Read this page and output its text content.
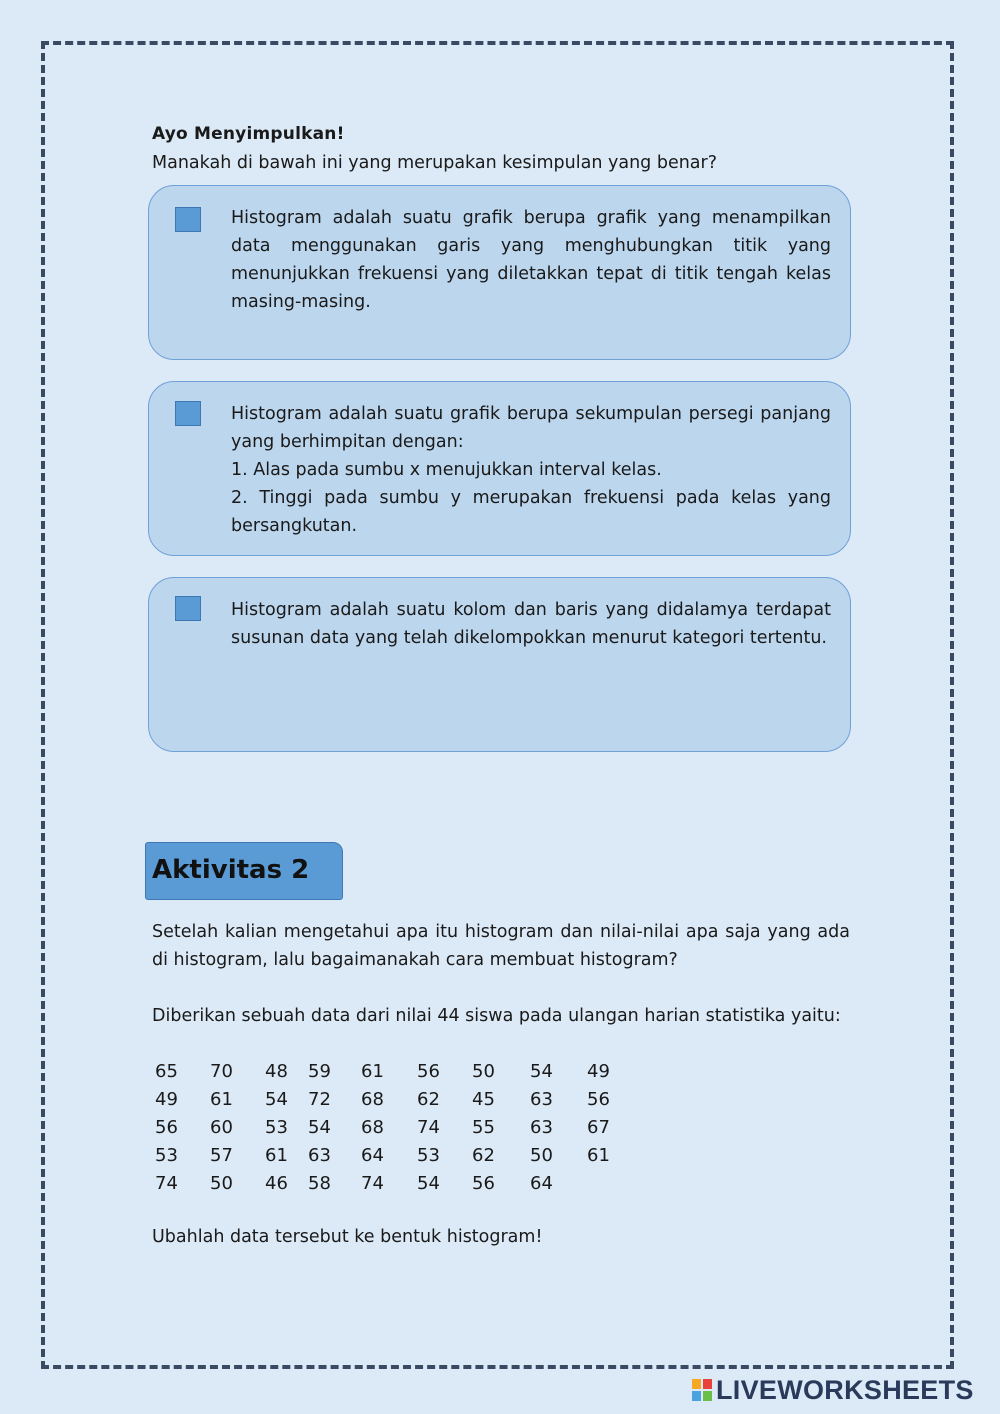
Ayo Menyimpulkan!
Manakah di bawah ini yang merupakan kesimpulan yang benar?

Histogram adalah suatu grafik berupa grafik yang menampilkan data menggunakan garis yang menghubungkan titik yang menunjukkan frekuensi yang diletakkan tepat di titik tengah kelas masing-masing.

Histogram adalah suatu grafik berupa sekumpulan persegi panjang yang berhimpitan dengan:

1. Alas pada sumbu x menujukkan interval kelas.

2. Tinggi pada sumbu y merupakan frekuensi pada kelas yang bersangkutan.

Histogram adalah suatu kolom dan baris yang didalamya terdapat susunan data yang telah dikelompokkan menurut kategori tertentu.

Aktivitas 2

Setelah kalian mengetahui apa itu histogram dan nilai-nilai apa saja yang ada di histogram, lalu bagaimanakah cara membuat histogram?

Diberikan sebuah data dari nilai 44 siswa pada ulangan harian statistika yaitu:

65	70	48	59	61	56	50	54	49
49	61	54	72	68	62	45	63	56
56	60	53	54	68	74	55	63	67
53	57	61	63	64	53	62	50	61
74	50	46	58	74	54	56	64	
Ubahlah data tersebut ke bentuk histogram!
LIVEWORKSHEETS
